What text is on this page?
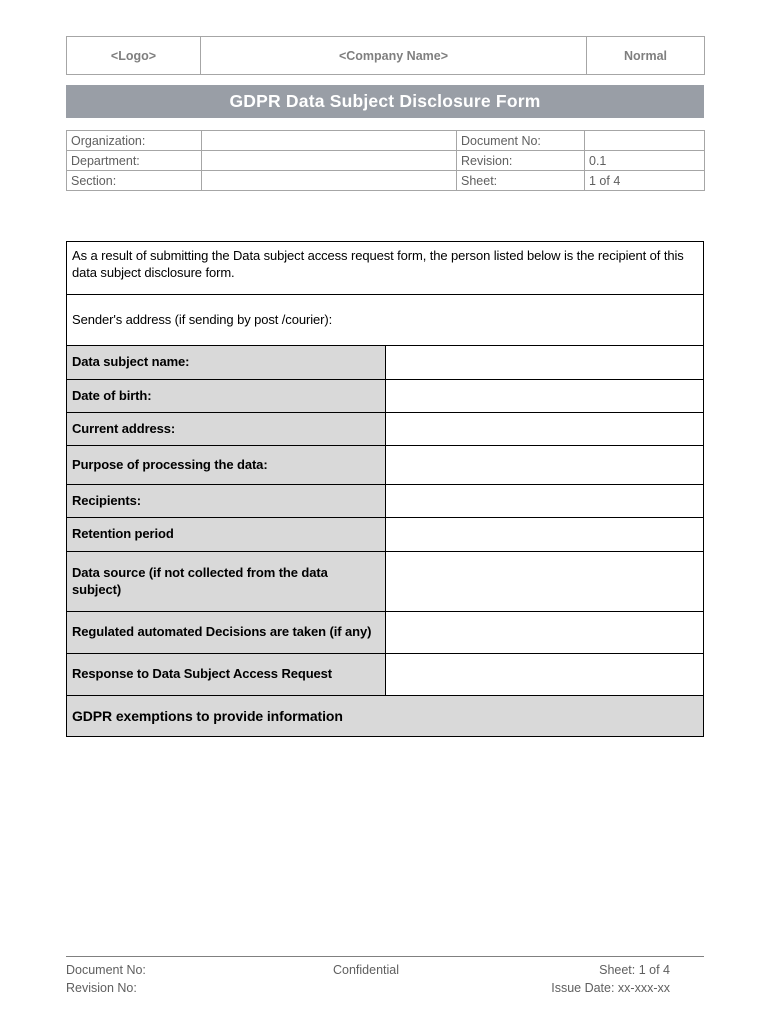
<Logo>	<Company Name>	Normal
GDPR Data Subject Disclosure Form
Organization:		Document No:	
Department:		Revision:	0.1
Section:		Sheet:	1 of 4
As a result of submitting the Data subject access request form, the person listed below is the recipient of this data subject disclosure form.	
Sender's address (if sending by post /courier):	
Data subject name:	
Date of birth:	
Current address:	
Purpose of processing the data:	
Recipients:	
Retention period	
Data source (if not collected from the data subject)	
Regulated automated Decisions are taken (if any)	
Response to Data Subject Access Request	
GDPR exemptions to provide information	
Document No:
Revision No:
Confidential	Sheet: 1 of 4
Issue Date: xx-xxx-xx
